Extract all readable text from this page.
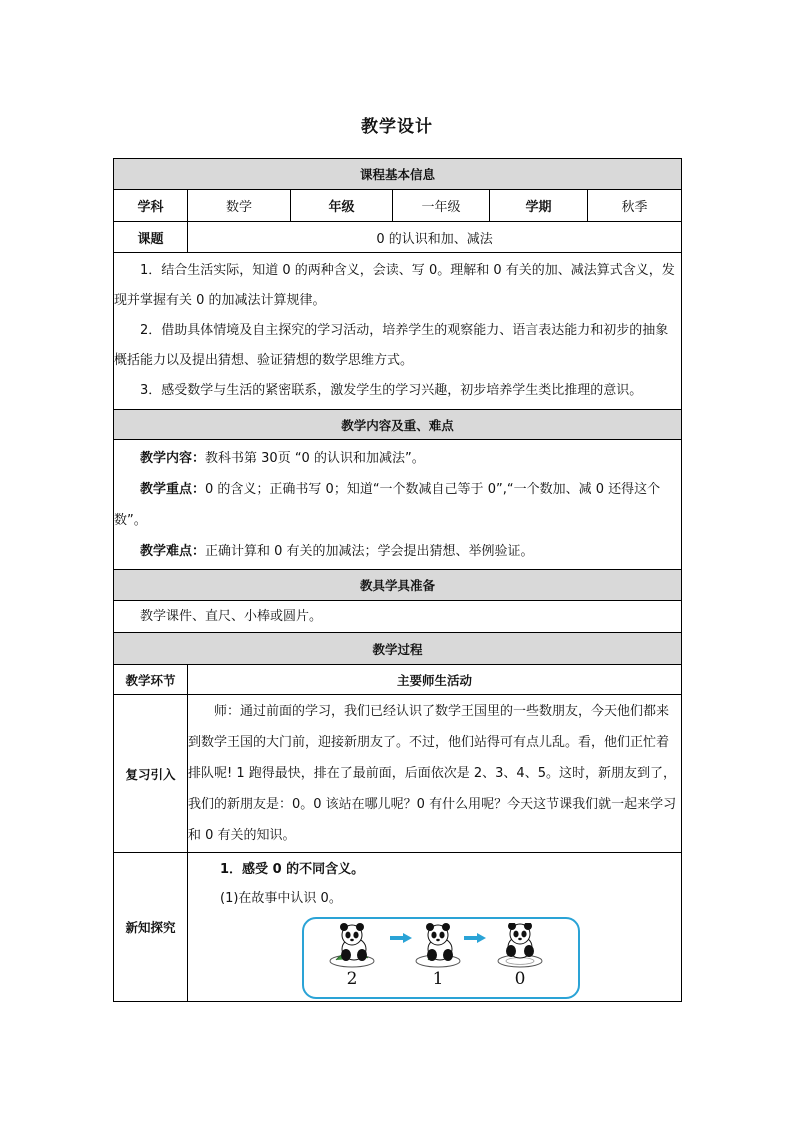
教学设计
课程基本信息					
学科	数学	年级	一年级	学期	秋季
课题	0 的认识和加、减法				

1．结合生活实际，知道 0 的两种含义，会读、写 0。理解和 0 有关的加、减法算式含义，发现并掌握有关 0 的加减法计算规律。

2．借助具体情境及自主探究的学习活动，培养学生的观察能力、语言表达能力和初步的抽象概括能力以及提出猜想、验证猜想的数学思维方式。

3．感受数学与生活的紧密联系，激发学生的学习兴趣，初步培养学生类比推理的意识。					

教学内容及重、难点					

教学内容：教科书第 30页 “0 的认识和加减法”。

教学重点：0 的含义；正确书写 0；知道“一个数减自己等于 0”,“一个数加、减 0 还得这个数”。

教学难点：正确计算和 0 有关的加减法；学会提出猜想、举例验证。					

教具学具准备					

教学课件、直尺、小棒或圆片。					

教学过程					
教学环节	主要师生活动				
复习引入	师：通过前面的学习，我们已经认识了数学王国里的一些数朋友，今天他们都来到数学王国的大门前，迎接新朋友了。不过，他们站得可有点儿乱。看，他们正忙着排队呢! 1 跑得最快，排在了最前面，后面依次是 2、3、4、5。这时，新朋友到了，我们的新朋友是：0。0 该站在哪儿呢？0 有什么用呢？今天这节课我们就一起来学习和 0 有关的知识。				

新知探究	1．感受 0 的不同含义。
(1)在故事中认识 0。
2 1 0				
